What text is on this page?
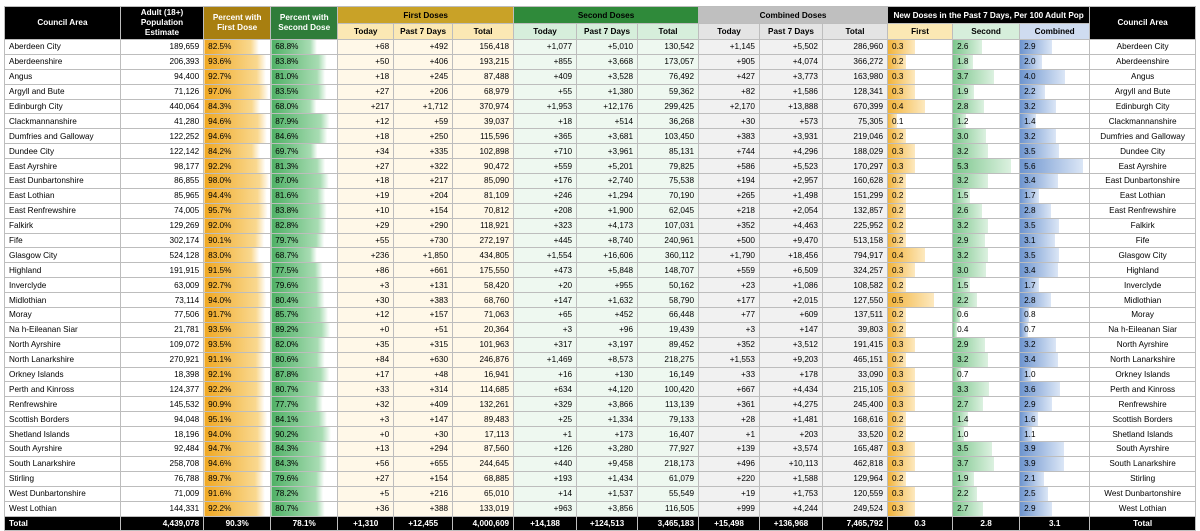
Council Area	Adult (18+) Population Estimate	Percent with First Dose	Percent with Second Dose	First Doses			Second Doses			Combined Doses			New Doses in the Past 7 Days, Per 100 Adult Pop			Council Area
				Today	Past 7 Days	Total	Today	Past 7 Days	Total	Today	Past 7 Days	Total	First	Second	Combined	
Aberdeen City	189,659	82.5%	68.8%	+68	+492	156,418	+1,077	+5,010	130,542	+1,145	+5,502	286,960	0.3	2.6	2.9	Aberdeen City
Aberdeenshire	206,393	93.6%	83.8%	+50	+406	193,215	+855	+3,668	173,057	+905	+4,074	366,272	0.2	1.8	2.0	Aberdeenshire
Angus	94,400	92.7%	81.0%	+18	+245	87,488	+409	+3,528	76,492	+427	+3,773	163,980	0.3	3.7	4.0	Angus
Argyll and Bute	71,126	97.0%	83.5%	+27	+206	68,979	+55	+1,380	59,362	+82	+1,586	128,341	0.3	1.9	2.2	Argyll and Bute
Edinburgh City	440,064	84.3%	68.0%	+217	+1,712	370,974	+1,953	+12,176	299,425	+2,170	+13,888	670,399	0.4	2.8	3.2	Edinburgh City
Clackmannanshire	41,280	94.6%	87.9%	+12	+59	39,037	+18	+514	36,268	+30	+573	75,305	0.1	1.2	1.4	Clackmannanshire
Dumfries and Galloway	122,252	94.6%	84.6%	+18	+250	115,596	+365	+3,681	103,450	+383	+3,931	219,046	0.2	3.0	3.2	Dumfries and Galloway
Dundee City	122,142	84.2%	69.7%	+34	+335	102,898	+710	+3,961	85,131	+744	+4,296	188,029	0.3	3.2	3.5	Dundee City
East Ayrshire	98,177	92.2%	81.3%	+27	+322	90,472	+559	+5,201	79,825	+586	+5,523	170,297	0.3	5.3	5.6	East Ayrshire
East Dunbartonshire	86,855	98.0%	87.0%	+18	+217	85,090	+176	+2,740	75,538	+194	+2,957	160,628	0.2	3.2	3.4	East Dunbartonshire
East Lothian	85,965	94.4%	81.6%	+19	+204	81,109	+246	+1,294	70,190	+265	+1,498	151,299	0.2	1.5	1.7	East Lothian
East Renfrewshire	74,005	95.7%	83.8%	+10	+154	70,812	+208	+1,900	62,045	+218	+2,054	132,857	0.2	2.6	2.8	East Renfrewshire
Falkirk	129,269	92.0%	82.8%	+29	+290	118,921	+323	+4,173	107,031	+352	+4,463	225,952	0.2	3.2	3.5	Falkirk
Fife	302,174	90.1%	79.7%	+55	+730	272,197	+445	+8,740	240,961	+500	+9,470	513,158	0.2	2.9	3.1	Fife
Glasgow City	524,128	83.0%	68.7%	+236	+1,850	434,805	+1,554	+16,606	360,112	+1,790	+18,456	794,917	0.4	3.2	3.5	Glasgow City
Highland	191,915	91.5%	77.5%	+86	+661	175,550	+473	+5,848	148,707	+559	+6,509	324,257	0.3	3.0	3.4	Highland
Inverclyde	63,009	92.7%	79.6%	+3	+131	58,420	+20	+955	50,162	+23	+1,086	108,582	0.2	1.5	1.7	Inverclyde
Midlothian	73,114	94.0%	80.4%	+30	+383	68,760	+147	+1,632	58,790	+177	+2,015	127,550	0.5	2.2	2.8	Midlothian
Moray	77,506	91.7%	85.7%	+12	+157	71,063	+65	+452	66,448	+77	+609	137,511	0.2	0.6	0.8	Moray
Na h-Eileanan Siar	21,781	93.5%	89.2%	+0	+51	20,364	+3	+96	19,439	+3	+147	39,803	0.2	0.4	0.7	Na h-Eileanan Siar
North Ayrshire	109,072	93.5%	82.0%	+35	+315	101,963	+317	+3,197	89,452	+352	+3,512	191,415	0.3	2.9	3.2	North Ayrshire
North Lanarkshire	270,921	91.1%	80.6%	+84	+630	246,876	+1,469	+8,573	218,275	+1,553	+9,203	465,151	0.2	3.2	3.4	North Lanarkshire
Orkney Islands	18,398	92.1%	87.8%	+17	+48	16,941	+16	+130	16,149	+33	+178	33,090	0.3	0.7	1.0	Orkney Islands
Perth and Kinross	124,377	92.2%	80.7%	+33	+314	114,685	+634	+4,120	100,420	+667	+4,434	215,105	0.3	3.3	3.6	Perth and Kinross
Renfrewshire	145,532	90.9%	77.7%	+32	+409	132,261	+329	+3,866	113,139	+361	+4,275	245,400	0.3	2.7	2.9	Renfrewshire
Scottish Borders	94,048	95.1%	84.1%	+3	+147	89,483	+25	+1,334	79,133	+28	+1,481	168,616	0.2	1.4	1.6	Scottish Borders
Shetland Islands	18,196	94.0%	90.2%	+0	+30	17,113	+1	+173	16,407	+1	+203	33,520	0.2	1.0	1.1	Shetland Islands
South Ayrshire	92,484	94.7%	84.3%	+13	+294	87,560	+126	+3,280	77,927	+139	+3,574	165,487	0.3	3.5	3.9	South Ayrshire
South Lanarkshire	258,708	94.6%	84.3%	+56	+655	244,645	+440	+9,458	218,173	+496	+10,113	462,818	0.3	3.7	3.9	South Lanarkshire
Stirling	76,788	89.7%	79.6%	+27	+154	68,885	+193	+1,434	61,079	+220	+1,588	129,964	0.2	1.9	2.1	Stirling
West Dunbartonshire	71,009	91.6%	78.2%	+5	+216	65,010	+14	+1,537	55,549	+19	+1,753	120,559	0.3	2.2	2.5	West Dunbartonshire
West Lothian	144,331	92.2%	80.7%	+36	+388	133,019	+963	+3,856	116,505	+999	+4,244	249,524	0.3	2.7	2.9	West Lothian
Total	4,439,078	90.3%	78.1%	+1,310	+12,455	4,000,609	+14,188	+124,513	3,465,183	+15,498	+136,968	7,465,792	0.3	2.8	3.1	Total
